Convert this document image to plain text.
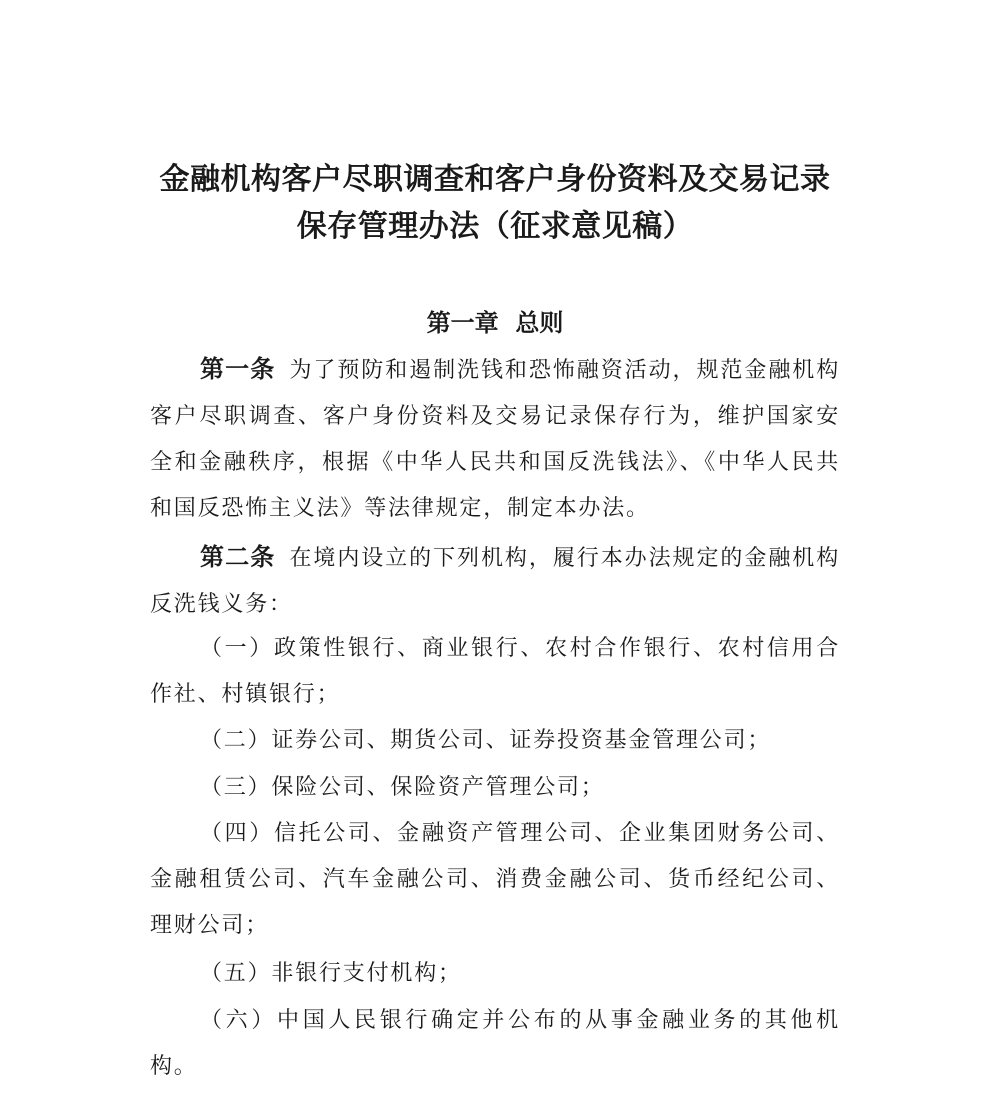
金融机构客户尽职调查和客户身份资料及交易记录
保存管理办法（征求意见稿）
第一章  总则

第一条 为了预防和遏制洗钱和恐怖融资活动，规范金融机构客户尽职调查、客户身份资料及交易记录保存行为，维护国家安全和金融秩序，根据《中华人民共和国反洗钱法》、《中华人民共和国反恐怖主义法》等法律规定，制定本办法。

第二条 在境内设立的下列机构，履行本办法规定的金融机构反洗钱义务：

（一）政策性银行、商业银行、农村合作银行、农村信用合作社、村镇银行；

（二）证券公司、期货公司、证券投资基金管理公司；

（三）保险公司、保险资产管理公司；

（四）信托公司、金融资产管理公司、企业集团财务公司、金融租赁公司、汽车金融公司、消费金融公司、货币经纪公司、理财公司；

（五）非银行支付机构；

（六）中国人民银行确定并公布的从事金融业务的其他机构。
